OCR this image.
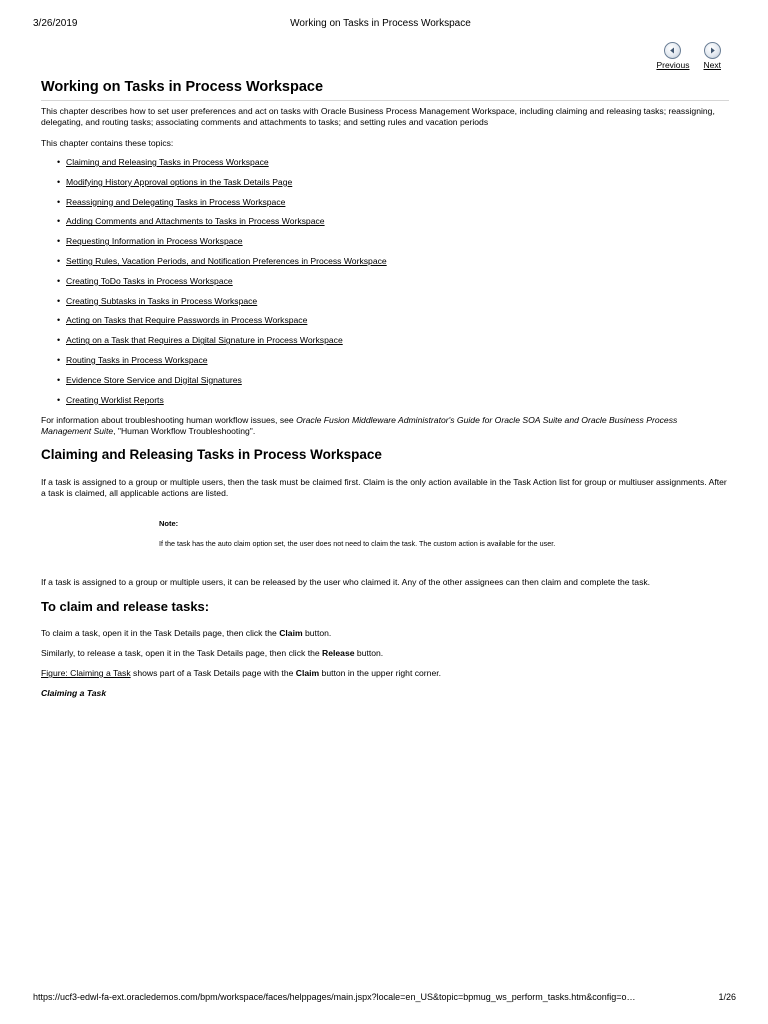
3/26/2019	Working on Tasks in Process Workspace
Previous Next
Working on Tasks in Process Workspace

This chapter describes how to set user preferences and act on tasks with Oracle Business Process Management Workspace, including claiming and releasing tasks; reassigning, delegating, and routing tasks; associating comments and attachments to tasks; and setting rules and vacation periods

This chapter contains these topics:

• Claiming and Releasing Tasks in Process Workspace
• Modifying History Approval options in the Task Details Page
• Reassigning and Delegating Tasks in Process Workspace
• Adding Comments and Attachments to Tasks in Process Workspace
• Requesting Information in Process Workspace
• Setting Rules, Vacation Periods, and Notification Preferences in Process Workspace
• Creating ToDo Tasks in Process Workspace
• Creating Subtasks in Tasks in Process Workspace
• Acting on Tasks that Require Passwords in Process Workspace
• Acting on a Task that Requires a Digital Signature in Process Workspace
• Routing Tasks in Process Workspace
• Evidence Store Service and Digital Signatures
• Creating Worklist Reports

For information about troubleshooting human workflow issues, see Oracle Fusion Middleware Administrator's Guide for Oracle SOA Suite and Oracle Business Process Management Suite, "Human Workflow Troubleshooting".

Claiming and Releasing Tasks in Process Workspace

If a task is assigned to a group or multiple users, then the task must be claimed first. Claim is the only action available in the Task Action list for group or multiuser assignments. After a task is claimed, all applicable actions are listed.

Note:
If the task has the auto claim option set, the user does not need to claim the task. The custom action is available for the user.

If a task is assigned to a group or multiple users, it can be released by the user who claimed it. Any of the other assignees can then claim and complete the task.

To claim and release tasks:

To claim a task, open it in the Task Details page, then click the Claim button.

Similarly, to release a task, open it in the Task Details page, then click the Release button.

Figure: Claiming a Task shows part of a Task Details page with the Claim button in the upper right corner.

Claiming a Task

https://ucf3-edwl-fa-ext.oracledemos.com/bpm/workspace/faces/helppages/main.jspx?locale=en_US&topic=bpmug_ws_perform_tasks.htm&config=o…	1/26
